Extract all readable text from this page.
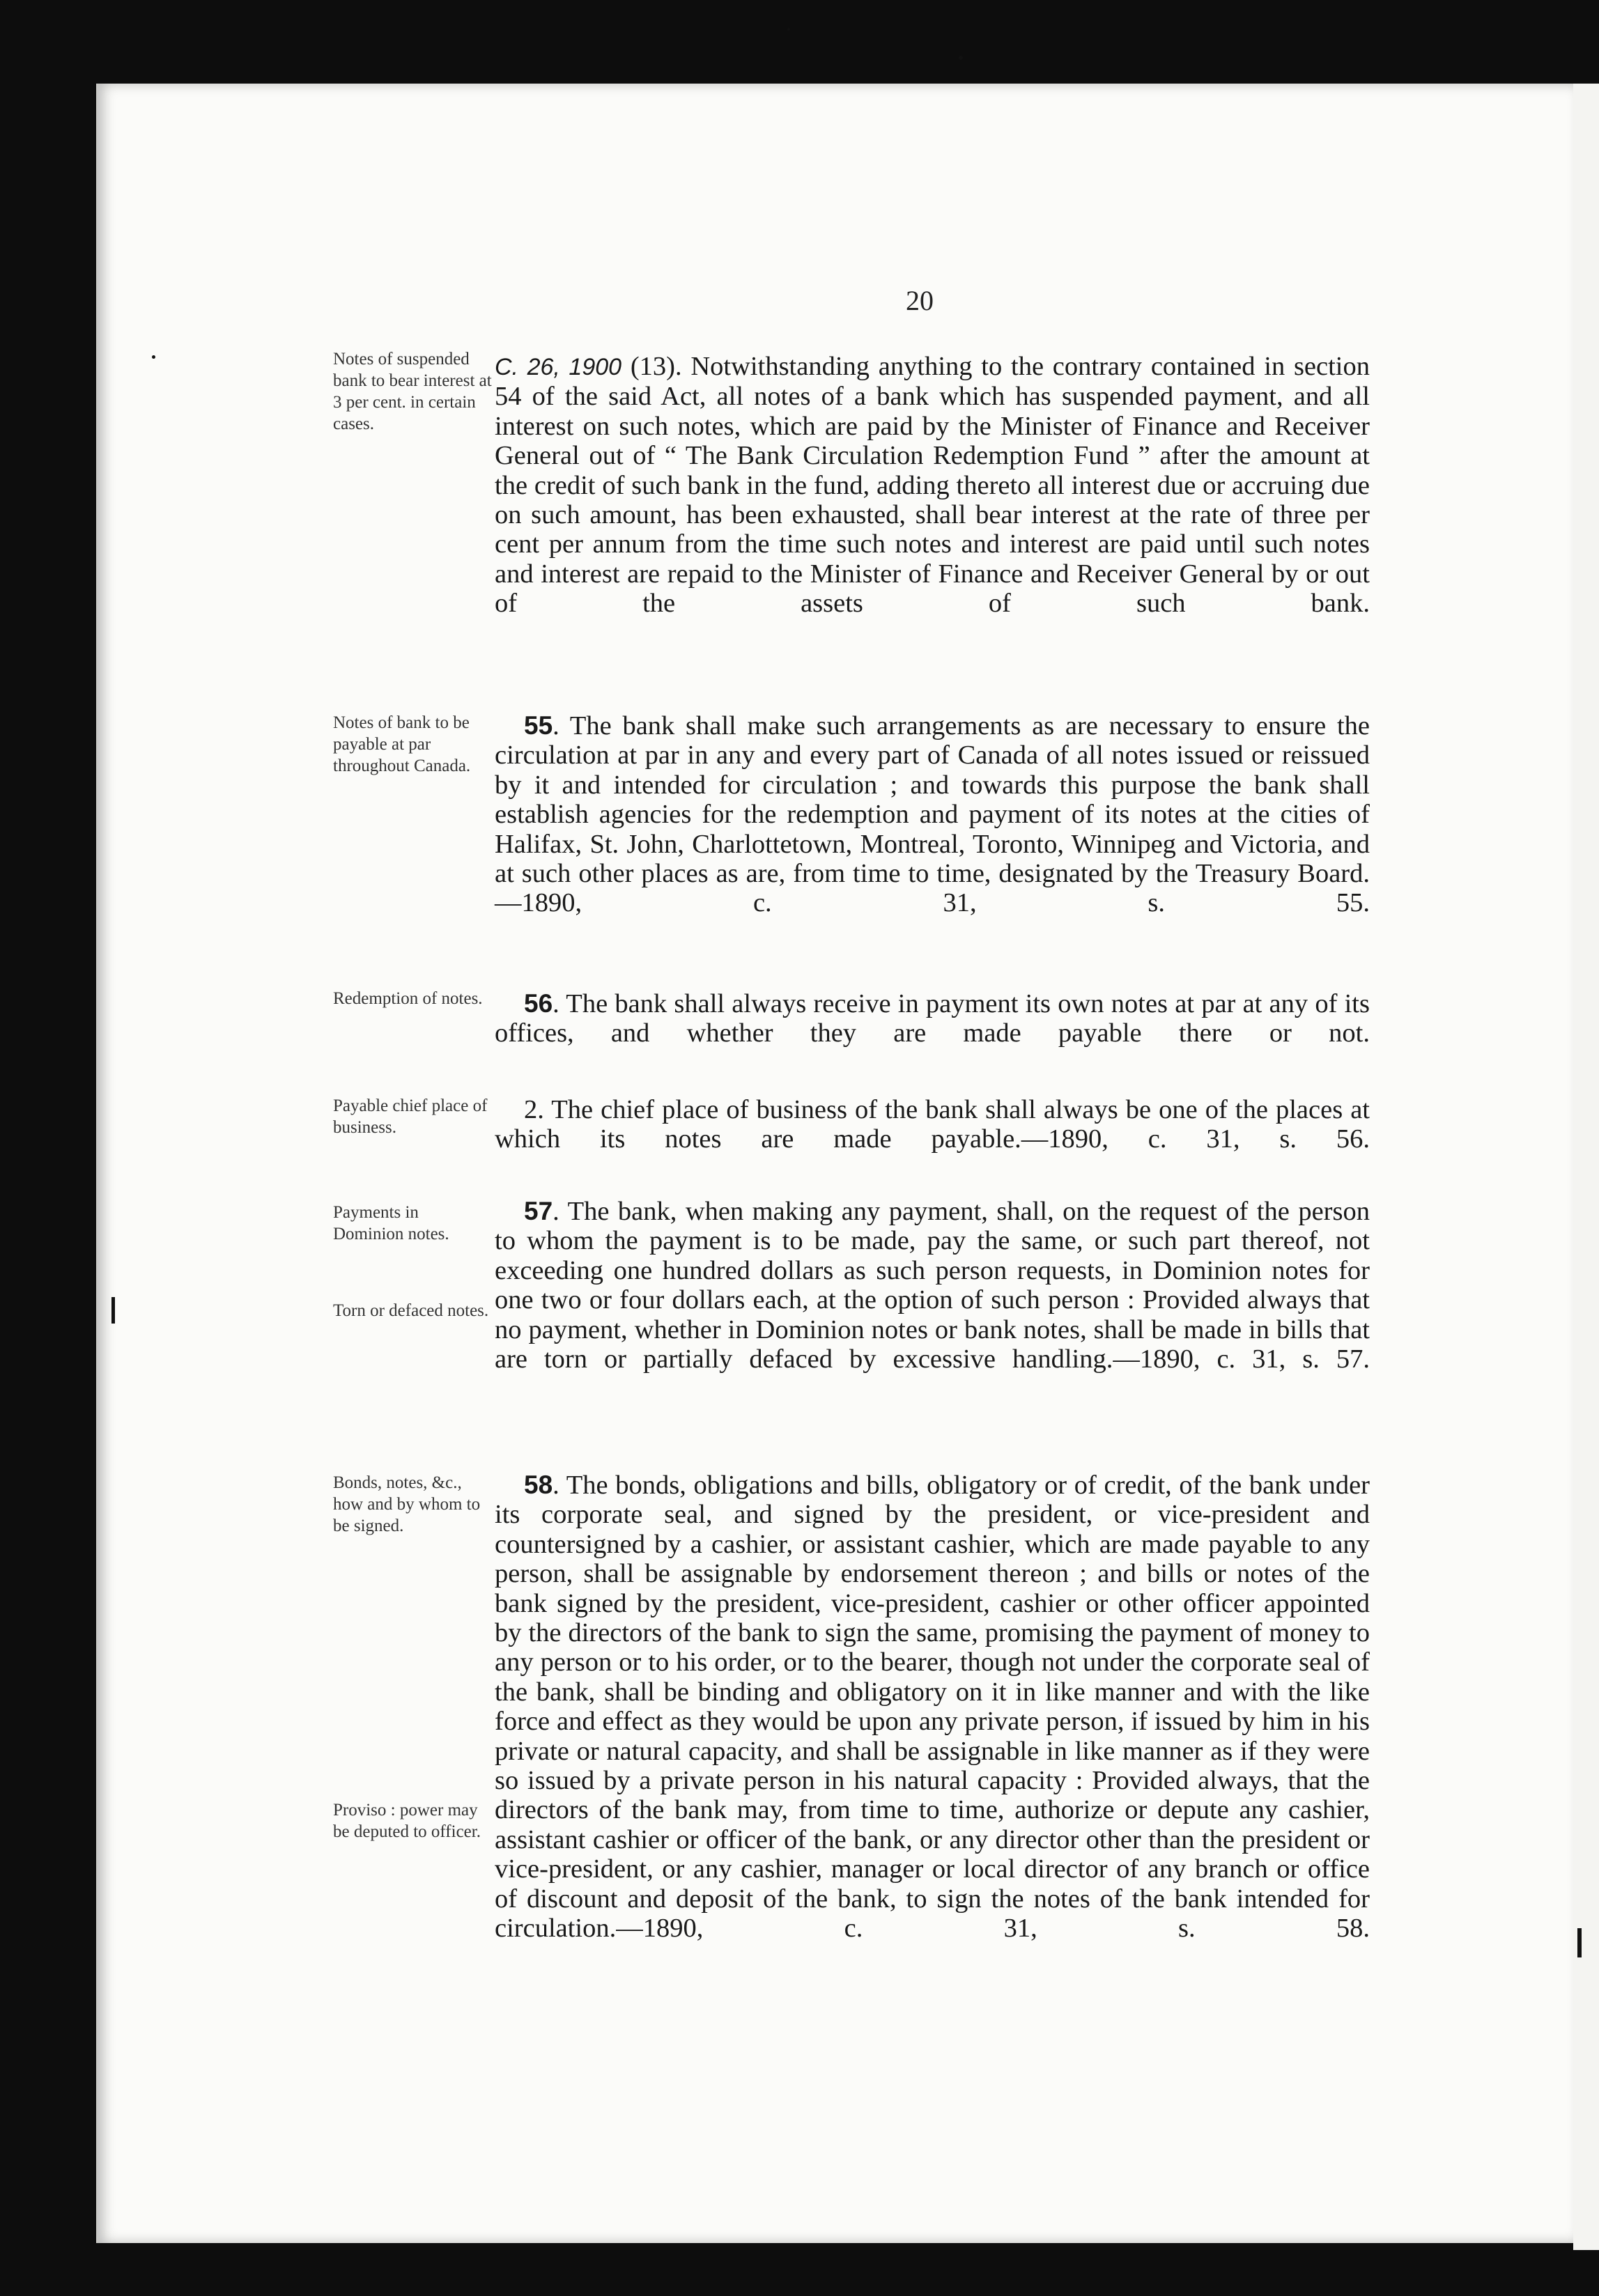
20
Notes of suspended bank to bear interest at 3 per cent. in certain cases.
C. 26, 1900 (13). Notwithstanding anything to the contrary contained in section 54 of the said Act, all notes of a bank which has suspended payment, and all interest on such notes, which are paid by the Minister of Finance and Receiver General out of “ The Bank Circulation Redemption Fund ” after the amount at the credit of such bank in the fund, adding thereto all interest due or accruing due on such amount, has been exhausted, shall bear interest at the rate of three per cent per annum from the time such notes and interest are paid until such notes and interest are repaid to the Minister of Finance and Receiver General by or out of the assets of such bank.
Notes of bank to be payable at par throughout Canada.
55. The bank shall make such arrangements as are necessary to ensure the circulation at par in any and every part of Canada of all notes issued or reissued by it and intended for circulation ; and towards this purpose the bank shall establish agencies for the redemption and payment of its notes at the cities of Halifax, St. John, Charlottetown, Montreal, Toronto, Winnipeg and Victoria, and at such other places as are, from time to time, designated by the Treasury Board.—1890, c. 31, s. 55.
Redemption of notes.	56. The bank shall always receive in payment its own notes at par at any of its offices, and whether they are made payable there or not.
Payable chief place of business.
2. The chief place of business of the bank shall always be one of the places at which its notes are made payable.—1890, c. 31, s. 56.
Payments in Dominion notes.
Torn or defaced notes.
57. The bank, when making any payment, shall, on the request of the person to whom the payment is to be made, pay the same, or such part thereof, not exceeding one hundred dollars as such person requests, in Dominion notes for one two or four dollars each, at the option of such person : Provided always that no payment, whether in Dominion notes or bank notes, shall be made in bills that are torn or partially defaced by excessive handling.—1890, c. 31, s. 57.
Bonds, notes, &c., how and by whom to be signed.
Proviso : power may be deputed to officer.
58. The bonds, obligations and bills, obligatory or of credit, of the bank under its corporate seal, and signed by the president, or vice-president and countersigned by a cashier, or assistant cashier, which are made payable to any person, shall be assignable by endorsement thereon ; and bills or notes of the bank signed by the president, vice-president, cashier or other officer appointed by the directors of the bank to sign the same, promising the payment of money to any person or to his order, or to the bearer, though not under the corporate seal of the bank, shall be binding and obligatory on it in like manner and with the like force and effect as they would be upon any private person, if issued by him in his private or natural capacity, and shall be assignable in like manner as if they were so issued by a private person in his natural capacity : Provided always, that the directors of the bank may, from time to time, authorize or depute any cashier, assistant cashier or officer of the bank, or any director other than the president or vice-president, or any cashier, manager or local director of any branch or office of discount and deposit of the bank, to sign the notes of the bank intended for circulation.—1890, c. 31, s. 58.
